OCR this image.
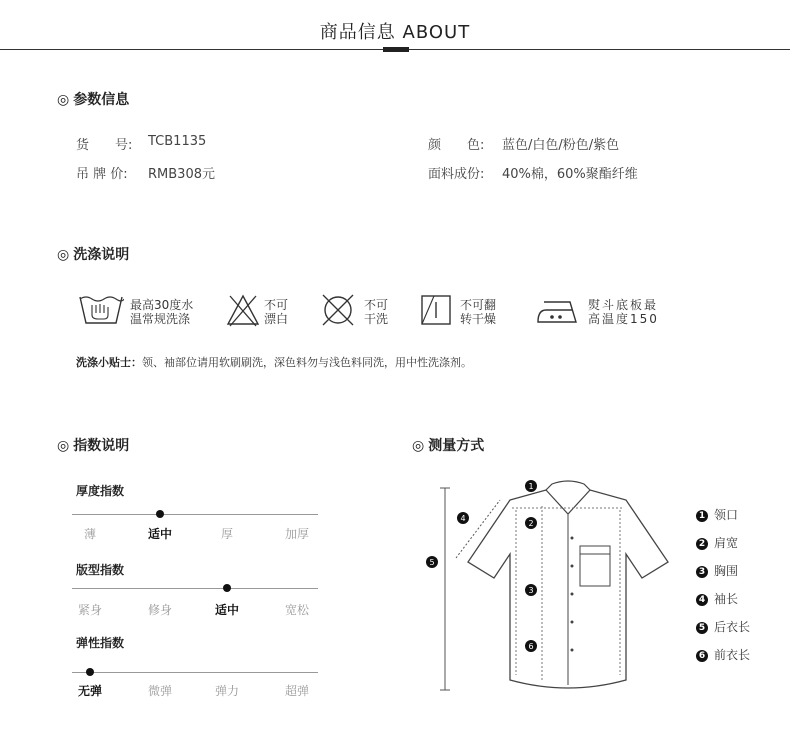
商品信息 ABOUT
◎ 参数信息
货　　号: TCB1135
吊 牌 价: RMB308元
颜　　色: 蓝色/白色/粉色/紫色
面料成份: 40%棉，60%聚酯纤维
◎ 洗涤说明
最高30度水
温常规洗涤
不可
漂白
不可
干洗
不可翻
转干燥
熨斗底板最
高温度150
洗涤小贴士：领、袖部位请用软刷刷洗，深色料勿与浅色料同洗，用中性洗涤剂。
◎ 指数说明
厚度指数
薄	适中	厚	加厚
版型指数
紧身	修身	适中	宽松
弹性指数
无弹	微弹	弹力	超弹
◎ 测量方式
1
2
4
5
3
6
1 领口
2 肩宽
3 胸围
4 袖长
5 后衣长
6 前衣长
